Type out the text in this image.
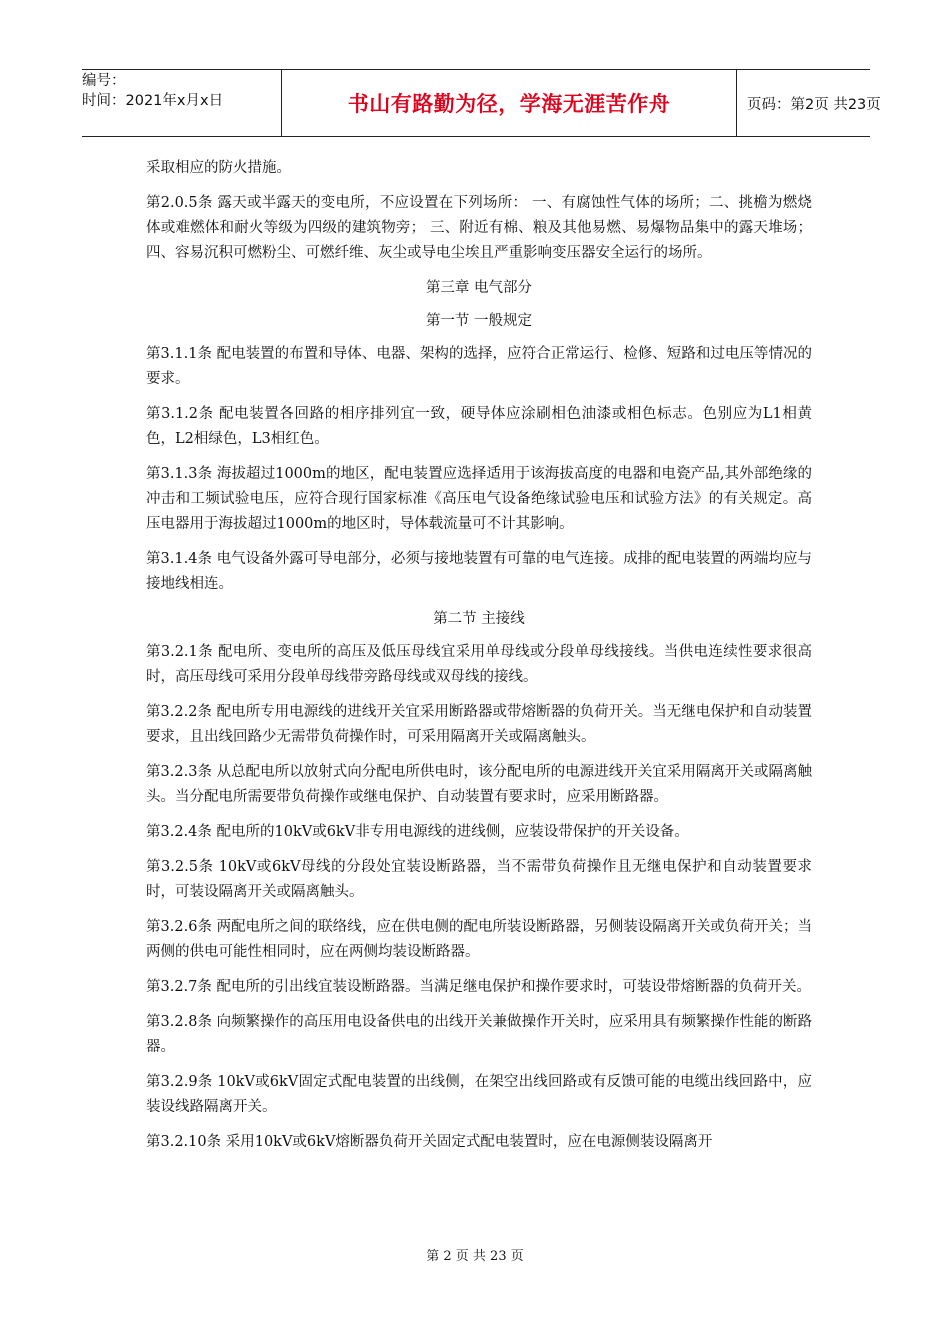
编号：
时间：2021年x月x日	书山有路勤为径，学海无涯苦作舟	页码：第2页 共23页

采取相应的防火措施。

第2.0.5条 露天或半露天的变电所，不应设置在下列场所： 一、有腐蚀性气体的场所；二、挑檐为燃烧体或难燃体和耐火等级为四级的建筑物旁； 三、附近有棉、粮及其他易燃、易爆物品集中的露天堆场； 四、容易沉积可燃粉尘、可燃纤维、灰尘或导电尘埃且严重影响变压器安全运行的场所。

第三章 电气部分
第一节 一般规定

第3.1.1条 配电装置的布置和导体、电器、架构的选择，应符合正常运行、检修、短路和过电压等情况的要求。

第3.1.2条 配电装置各回路的相序排列宜一致，硬导体应涂刷相色油漆或相色标志。色别应为L1相黄色，L2相绿色，L3相红色。

第3.1.3条 海拔超过1000m的地区，配电装置应选择适用于该海拔高度的电器和电瓷产品,其外部绝缘的冲击和工频试验电压，应符合现行国家标准《高压电气设备绝缘试验电压和试验方法》的有关规定。高压电器用于海拔超过1000m的地区时，导体载流量可不计其影响。

第3.1.4条 电气设备外露可导电部分，必须与接地装置有可靠的电气连接。成排的配电装置的两端均应与接地线相连。

第二节 主接线

第3.2.1条 配电所、变电所的高压及低压母线宜采用单母线或分段单母线接线。当供电连续性要求很高时，高压母线可采用分段单母线带旁路母线或双母线的接线。

第3.2.2条 配电所专用电源线的进线开关宜采用断路器或带熔断器的负荷开关。当无继电保护和自动装置要求，且出线回路少无需带负荷操作时，可采用隔离开关或隔离触头。

第3.2.3条 从总配电所以放射式向分配电所供电时，该分配电所的电源进线开关宜采用隔离开关或隔离触头。当分配电所需要带负荷操作或继电保护、自动装置有要求时，应采用断路器。

第3.2.4条 配电所的10kV或6kV非专用电源线的进线侧，应装设带保护的开关设备。

第3.2.5条 10kV或6kV母线的分段处宜装设断路器，当不需带负荷操作且无继电保护和自动装置要求时，可装设隔离开关或隔离触头。

第3.2.6条 两配电所之间的联络线，应在供电侧的配电所装设断路器，另侧装设隔离开关或负荷开关；当两侧的供电可能性相同时，应在两侧均装设断路器。

第3.2.7条 配电所的引出线宜装设断路器。当满足继电保护和操作要求时，可装设带熔断器的负荷开关。

第3.2.8条 向频繁操作的高压用电设备供电的出线开关兼做操作开关时，应采用具有频繁操作性能的断路器。

第3.2.9条 10kV或6kV固定式配电装置的出线侧，在架空出线回路或有反馈可能的电缆出线回路中，应装设线路隔离开关。

第3.2.10条 采用10kV或6kV熔断器负荷开关固定式配电装置时，应在电源侧装设隔离开

第 2 页 共 23 页
